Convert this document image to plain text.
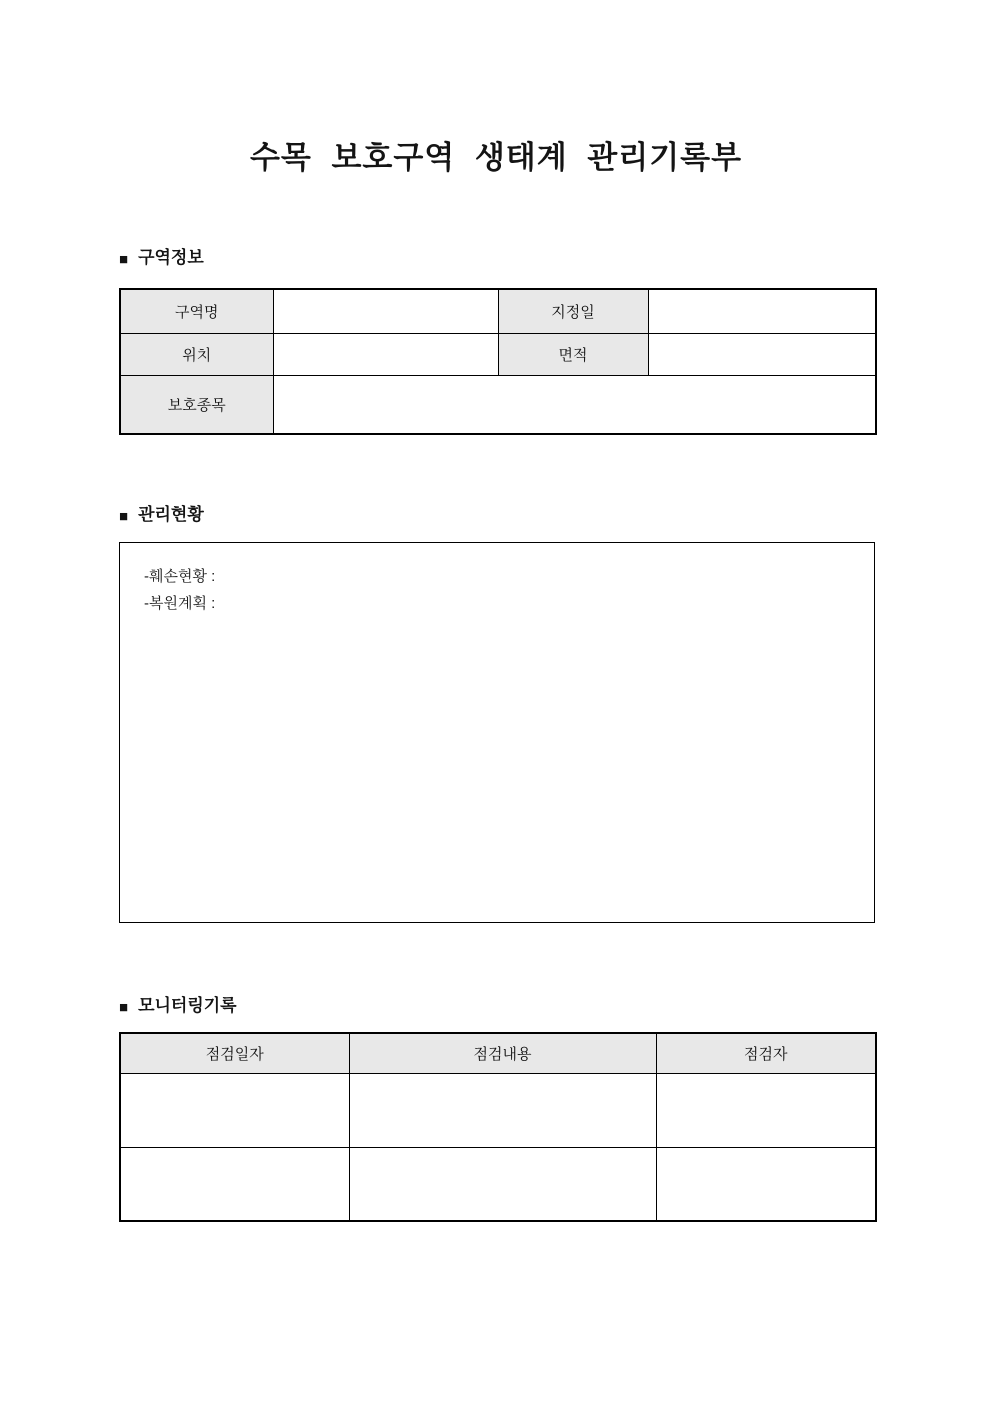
수목 보호구역 생태계 관리기록부
■ 구역정보
구역명		지정일	
위치		면적	
보호종목			
■ 관리현황
-훼손현황 :
-복원계획 :
■ 모니터링기록
점검일자	점검내용	점검자
